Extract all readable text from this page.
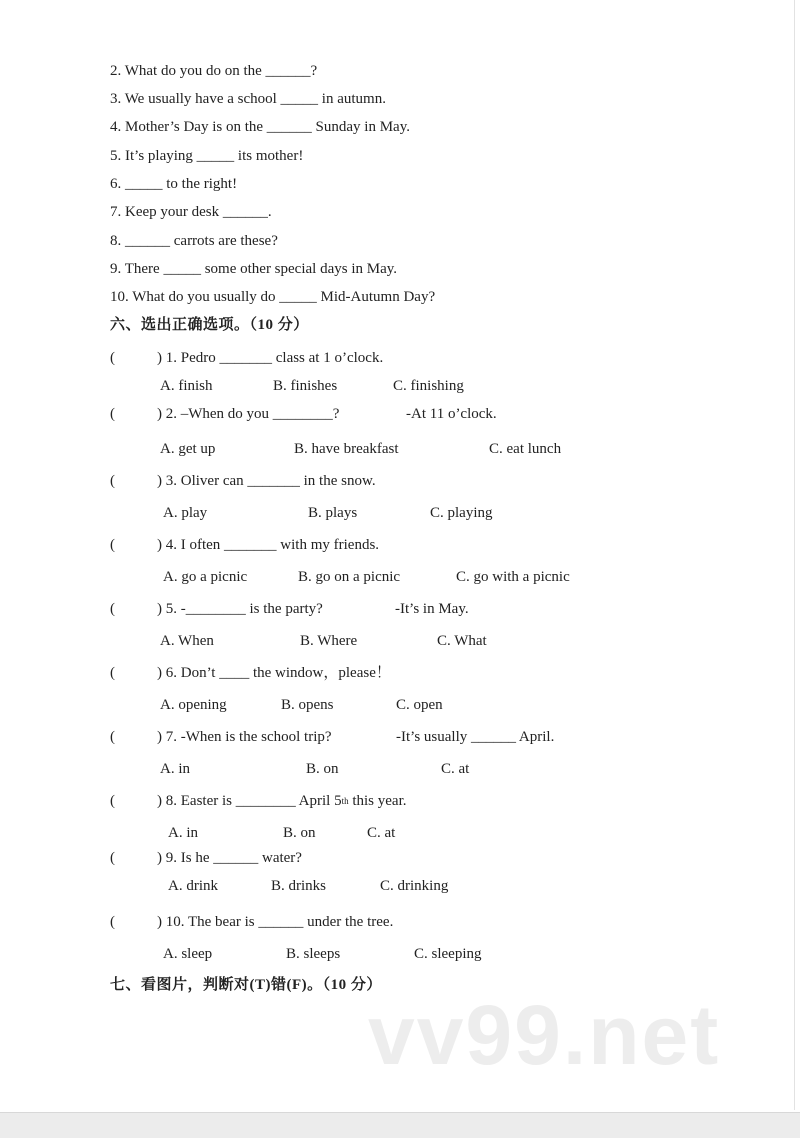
2. What do you do on the ______?
3. We usually have a school _____ in autumn.
4. Mother’s Day is on the ______ Sunday in May.
5. It’s playing _____ its mother!
6. _____ to the right!
7. Keep your desk ______.
8. ______ carrots are these?
9. There _____ some other special days in May.
10. What do you usually do _____ Mid-Autumn Day?
六、选出正确选项。（10 分）
(	) 1. Pedro _______ class at 1 o’clock.
A. finish	B. finishes	C. finishing
(	) 2. –When do you ________?	-At 11 o’clock.
A. get up	B. have breakfast	C. eat lunch
(	) 3. Oliver can _______ in the snow.
A. play	B. plays	C. playing
(	) 4. I often _______ with my friends.
A. go a picnic	B. go on a picnic	C. go with a picnic
(	) 5. -________ is the party?	-It’s in May.
A. When	B. Where	C. What
(	) 6. Don’t ____ the window，please！
A. opening	B. opens	C. open
(	) 7. -When is the school trip?	-It’s usually ______ April.
A. in	B. on	C. at
(	) 8. Easter is ________ April 5th this year.
A. in	B. on	C. at
(	) 9. Is he ______ water?
A. drink	B. drinks	C. drinking
(	) 10. The bear is ______ under the tree.
A. sleep	B. sleeps	C. sleeping
七、看图片，判断对(T)错(F)。（10 分）
vv99.net
